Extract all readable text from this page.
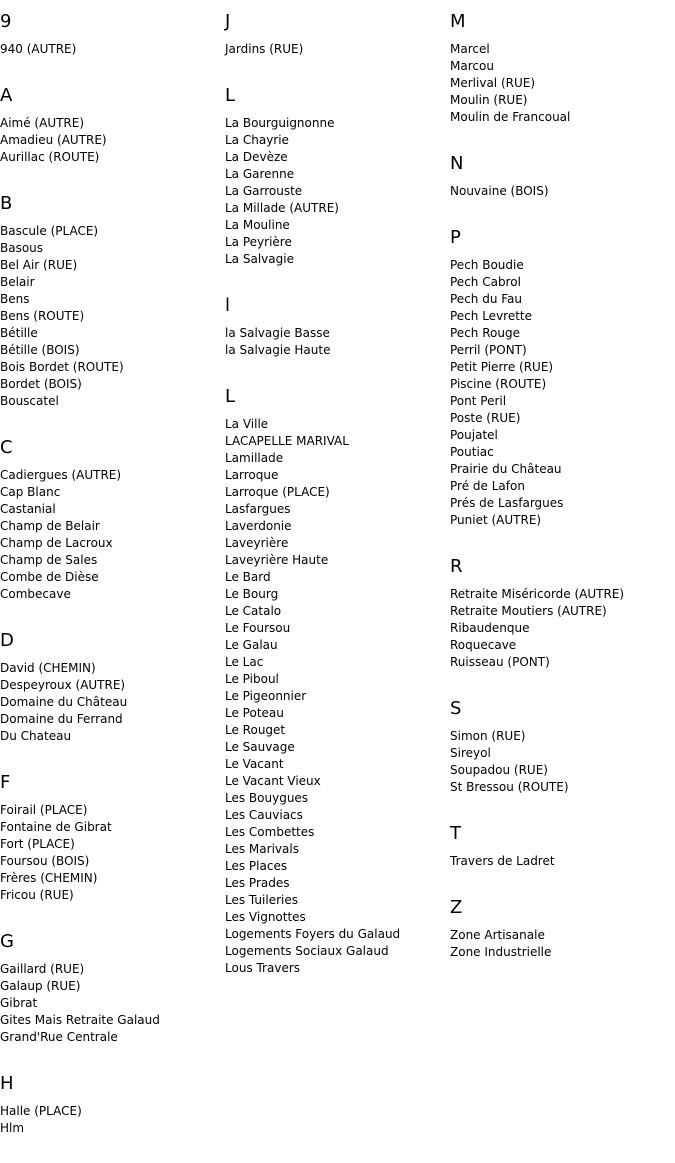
9
940 (AUTRE)
A
Aimé (AUTRE)
Amadieu (AUTRE)
Aurillac (ROUTE)
B
Bascule (PLACE)
Basous
Bel Air (RUE)
Belair
Bens
Bens (ROUTE)
Bétille
Bétille (BOIS)
Bois Bordet (ROUTE)
Bordet (BOIS)
Bouscatel
C
Cadiergues (AUTRE)
Cap Blanc
Castanial
Champ de Belair
Champ de Lacroux
Champ de Sales
Combe de Dièse
Combecave
D
David (CHEMIN)
Despeyroux (AUTRE)
Domaine du Château
Domaine du Ferrand
Du Chateau
F
Foirail (PLACE)
Fontaine de Gibrat
Fort (PLACE)
Foursou (BOIS)
Frères (CHEMIN)
Fricou (RUE)
G
Gaillard (RUE)
Galaup (RUE)
Gibrat
Gites Mais Retraite Galaud
Grand'Rue Centrale
H
Halle (PLACE)
Hlm
J
Jardins (RUE)
L
La Bourguignonne
La Chayrie
La Devèze
La Garenne
La Garrouste
La Millade (AUTRE)
La Mouline
La Peyrière
La Salvagie
l
la Salvagie Basse
la Salvagie Haute
L
La Ville
LACAPELLE MARIVAL
Lamillade
Larroque
Larroque (PLACE)
Lasfargues
Laverdonie
Laveyrière
Laveyrière Haute
Le Bard
Le Bourg
Le Catalo
Le Foursou
Le Galau
Le Lac
Le Piboul
Le Pigeonnier
Le Poteau
Le Rouget
Le Sauvage
Le Vacant
Le Vacant Vieux
Les Bouygues
Les Cauviacs
Les Combettes
Les Marivals
Les Places
Les Prades
Les Tuileries
Les Vignottes
Logements Foyers du Galaud
Logements Sociaux Galaud
Lous Travers
M
Marcel
Marcou
Merlival (RUE)
Moulin (RUE)
Moulin de Francoual
N
Nouvaine (BOIS)
P
Pech Boudie
Pech Cabrol
Pech du Fau
Pech Levrette
Pech Rouge
Perril (PONT)
Petit Pierre (RUE)
Piscine (ROUTE)
Pont Peril
Poste (RUE)
Poujatel
Poutiac
Prairie du Château
Pré de Lafon
Prés de Lasfargues
Puniet (AUTRE)
R
Retraite Miséricorde (AUTRE)
Retraite Moutiers (AUTRE)
Ribaudenque
Roquecave
Ruisseau (PONT)
S
Simon (RUE)
Sireyol
Soupadou (RUE)
St Bressou (ROUTE)
T
Travers de Ladret
Z
Zone Artisanale
Zone Industrielle
